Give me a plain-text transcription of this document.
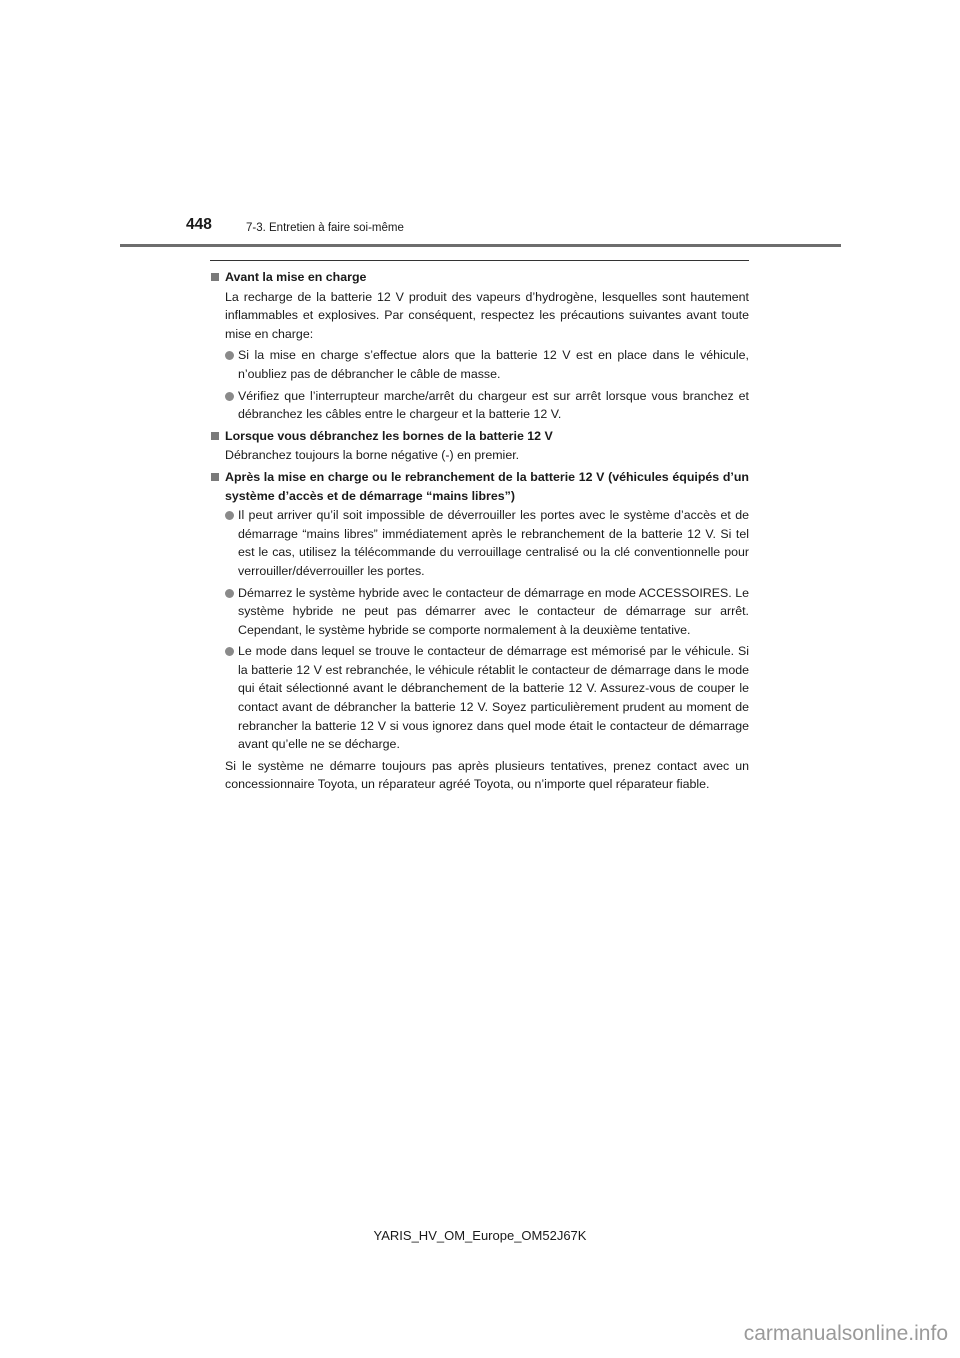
448	7-3. Entretien à faire soi-même
Avant la mise en charge
La recharge de la batterie 12 V produit des vapeurs d’hydrogène, lesquelles sont hautement inflammables et explosives. Par conséquent, respectez les précautions suivantes avant toute mise en charge:
Si la mise en charge s’effectue alors que la batterie 12 V est en place dans le véhicule, n’oubliez pas de débrancher le câble de masse.
Vérifiez que l’interrupteur marche/arrêt du chargeur est sur arrêt lorsque vous branchez et débranchez les câbles entre le chargeur et la batterie 12 V.
Lorsque vous débranchez les bornes de la batterie 12 V
Débranchez toujours la borne négative (-) en premier.
Après la mise en charge ou le rebranchement de la batterie 12 V (véhicules équipés d’un système d’accès et de démarrage “mains libres”)
Il peut arriver qu’il soit impossible de déverrouiller les portes avec le système d’accès et de démarrage “mains libres” immédiatement après le rebranchement de la batterie 12 V. Si tel est le cas, utilisez la télécommande du verrouillage centralisé ou la clé conventionnelle pour verrouiller/déverrouiller les portes.
Démarrez le système hybride avec le contacteur de démarrage en mode ACCESSOIRES. Le système hybride ne peut pas démarrer avec le contacteur de démarrage sur arrêt. Cependant, le système hybride se comporte normalement à la deuxième tentative.
Le mode dans lequel se trouve le contacteur de démarrage est mémorisé par le véhicule. Si la batterie 12 V est rebranchée, le véhicule rétablit le contacteur de démarrage dans le mode qui était sélectionné avant le débranchement de la batterie 12 V. Assurez-vous de couper le contact avant de débrancher la batterie 12 V. Soyez particulièrement prudent au moment de rebrancher la batterie 12 V si vous ignorez dans quel mode était le contacteur de démarrage avant qu’elle ne se décharge.
Si le système ne démarre toujours pas après plusieurs tentatives, prenez contact avec un concessionnaire Toyota, un réparateur agréé Toyota, ou n’importe quel réparateur fiable.
YARIS_HV_OM_Europe_OM52J67K
carmanualsonline.info
